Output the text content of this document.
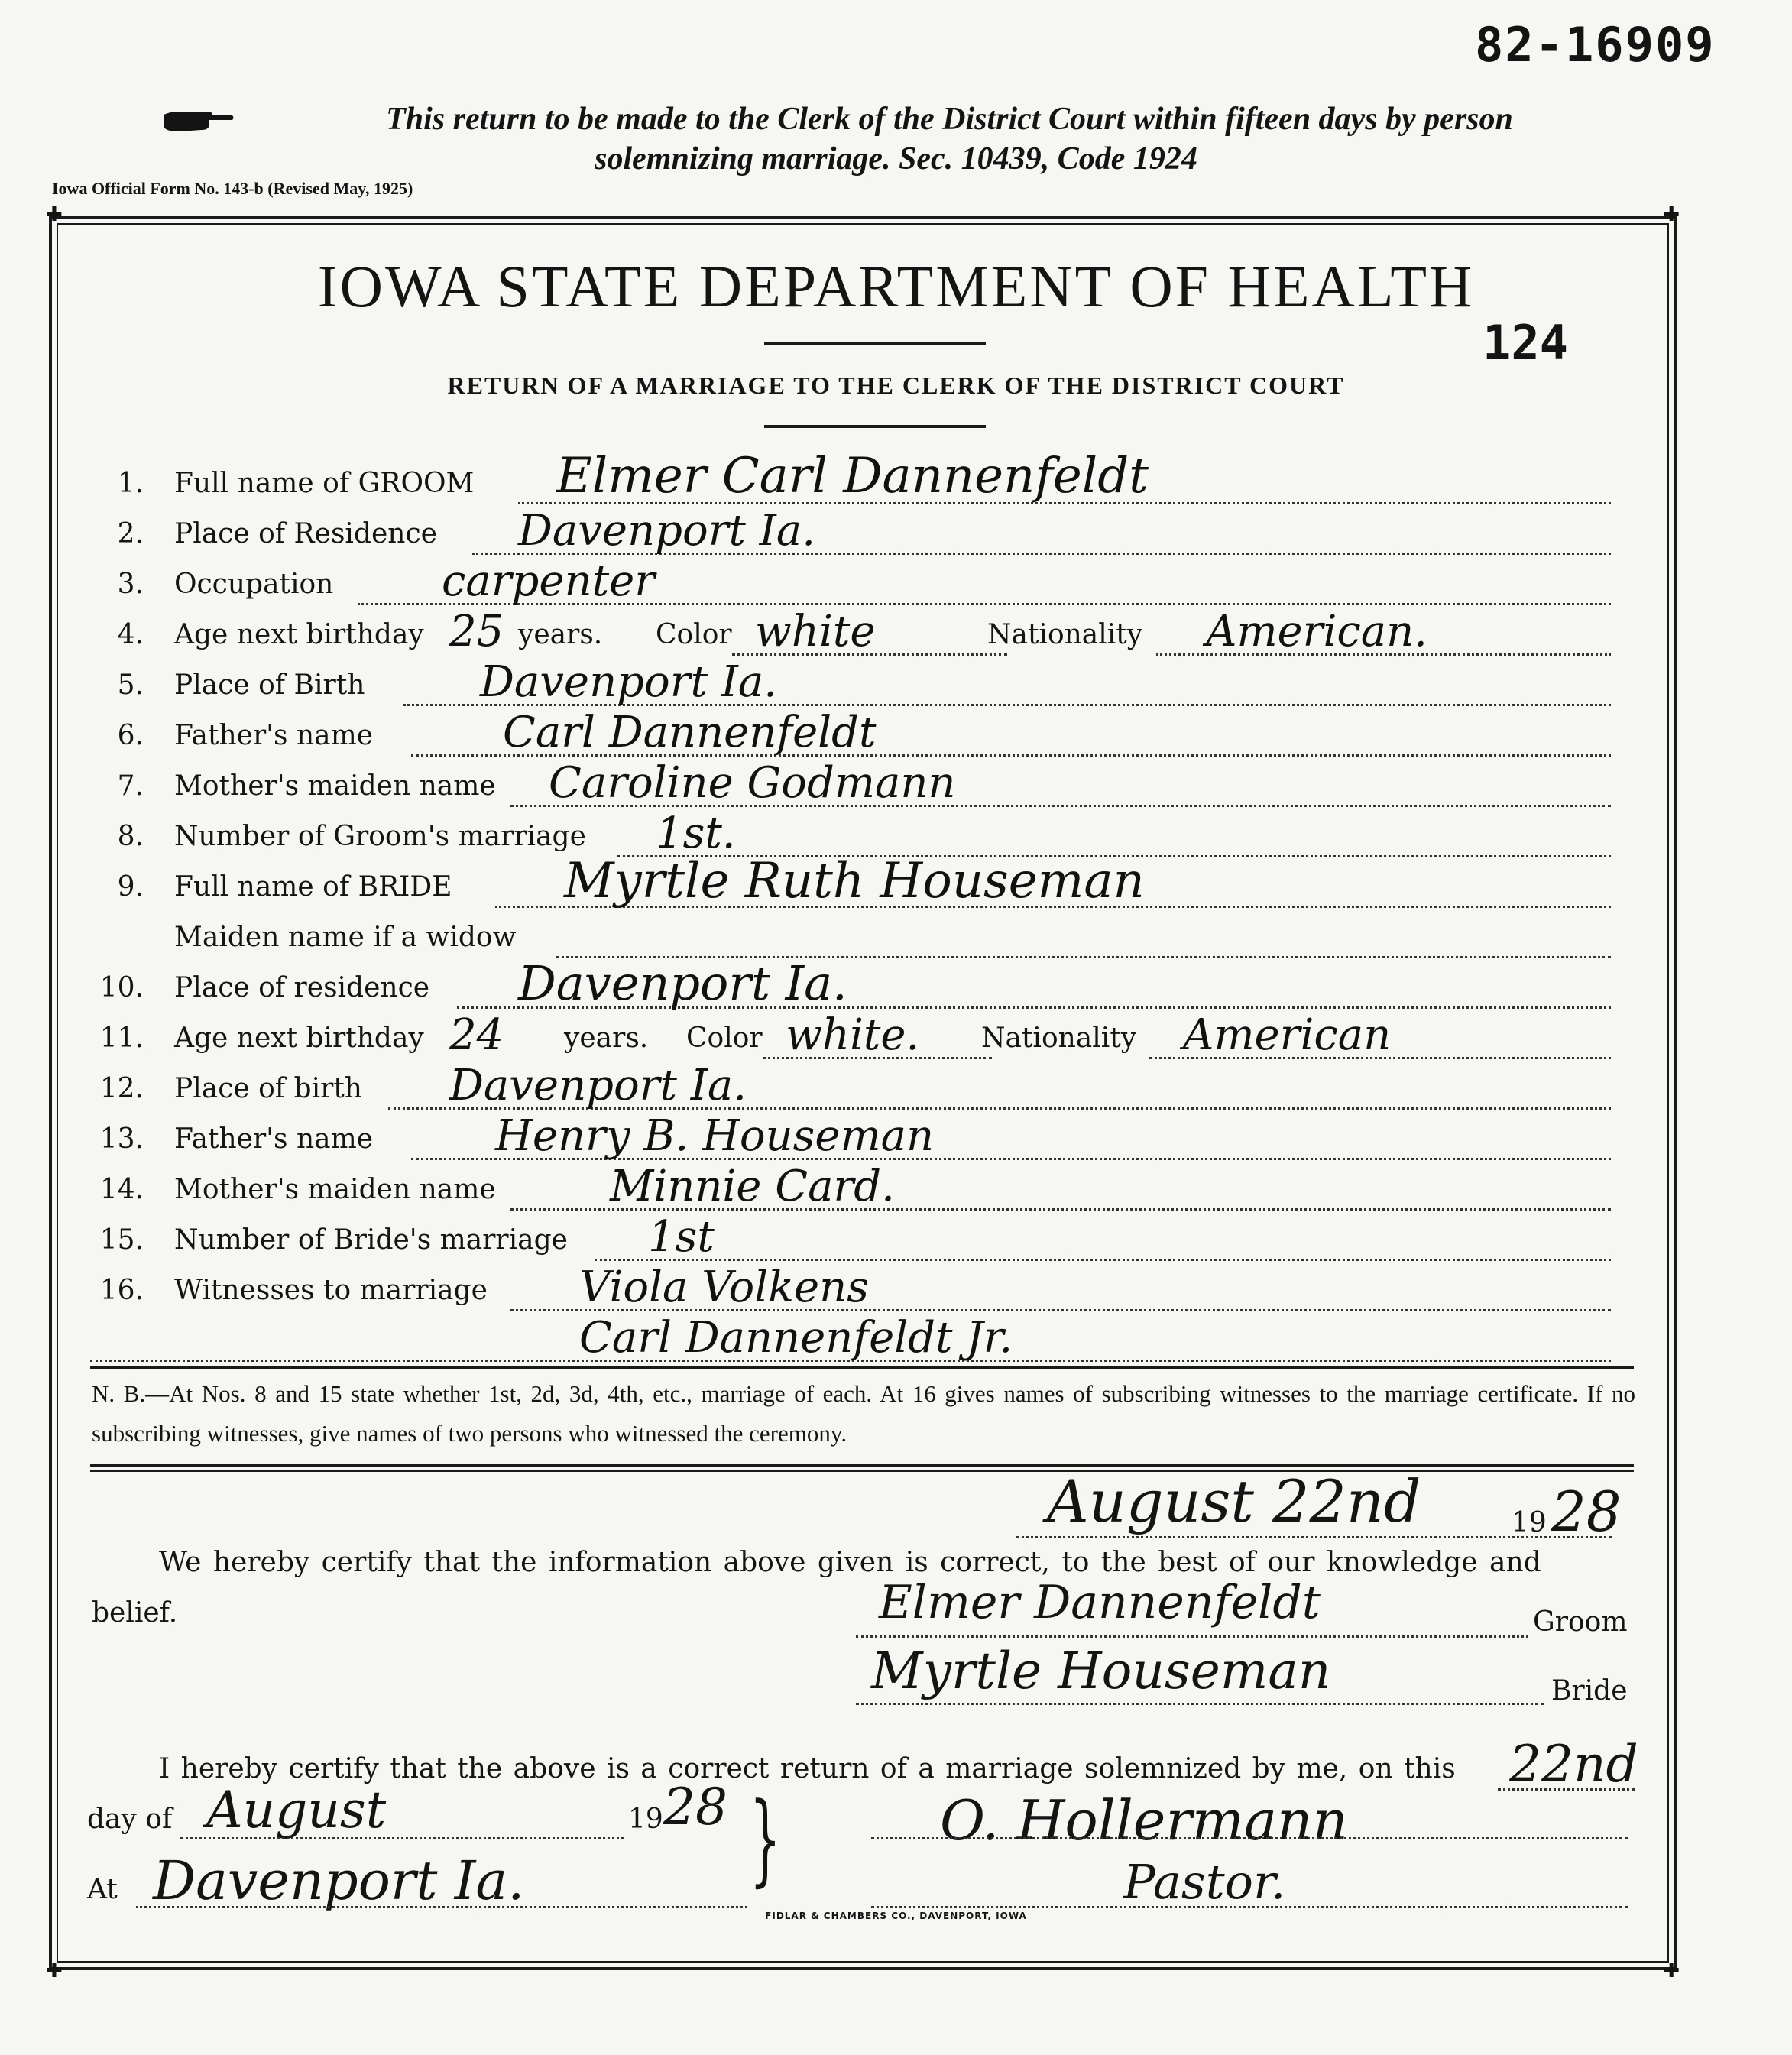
82-16909
This return to be made to the Clerk of the District Court within fifteen days by person
solemnizing marriage. Sec. 10439, Code 1924
Iowa Official Form No. 143-b (Revised May, 1925)
✚	✚
✚	✚
IOWA STATE DEPARTMENT OF HEALTH
124
RETURN OF A MARRIAGE TO THE CLERK OF THE DISTRICT COURT
1. Full name of GROOM Elmer Carl Dannenfeldt
2. Place of Residence Davenport Ia.
3. Occupation	carpenter
4. Age next birthday 25 years. Color white	Nationality American.
5. Place of Birth	Davenport Ia.
6. Father's name	Carl Dannenfeldt
7. Mother's maiden name Caroline Godmann
8. Number of Groom's marriage 1st.
9. Full name of BRIDE Myrtle Ruth Houseman
Maiden name if a widow
10. Place of residence Davenport Ia.
11. Age next birthday 24 years. Color white. Nationality American
12. Place of birth Davenport Ia.
13. Father's name	Henry B. Houseman
14. Mother's maiden name	Minnie Card.
15. Number of Bride's marriage 1st
16. Witnesses to marriage Viola Volkens
Carl Dannenfeldt Jr.
N. B.—At Nos. 8 and 15 state whether 1st, 2d, 3d, 4th, etc., marriage of each. At 16 gives names of subscribing witnesses to the marriage certificate. If no subscribing witnesses, give names of two persons who witnessed the ceremony.
August 22nd	19 28
We hereby certify that the information above given is correct, to the best of our knowledge and
belief.	Elmer Dannenfeldt	Groom
Myrtle Houseman	Bride
I hereby certify that the above is a correct return of a marriage solemnized by me, on this 22nd
day of August	19 28
At Davenport Ia. }	O. Hollermann
Pastor.
FIDLAR & CHAMBERS CO., DAVENPORT, IOWA
